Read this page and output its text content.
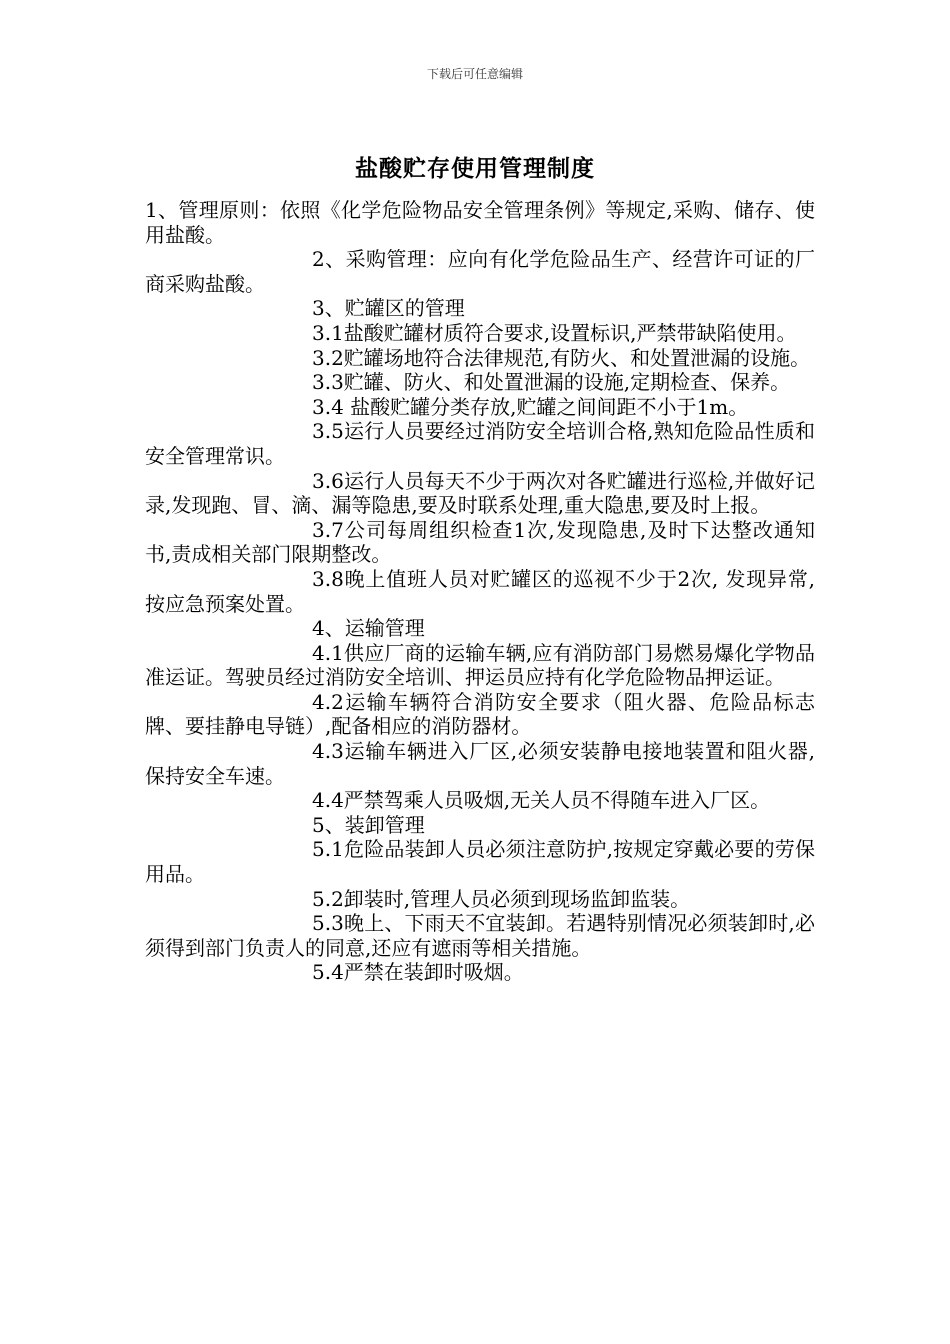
下载后可任意编辑
盐酸贮存使用管理制度

1、管理原则：依照《化学危险物品安全管理条例》等规定,采购、储存、使用盐酸。

2、采购管理：应向有化学危险品生产、经营许可证的厂商采购盐酸。

3、贮罐区的管理

3.1盐酸贮罐材质符合要求,设置标识,严禁带缺陷使用。

3.2贮罐场地符合法律规范,有防火、和处置泄漏的设施。

3.3贮罐、防火、和处置泄漏的设施,定期检查、保养。

3.4 盐酸贮罐分类存放,贮罐之间间距不小于1m。

3.5运行人员要经过消防安全培训合格,熟知危险品性质和安全管理常识。

3.6运行人员每天不少于两次对各贮罐进行巡检,并做好记录,发现跑、冒、滴、漏等隐患,要及时联系处理,重大隐患,要及时上报。

3.7公司每周组织检查1次,发现隐患,及时下达整改通知书,责成相关部门限期整改。

3.8晚上值班人员对贮罐区的巡视不少于2次, 发现异常,按应急预案处置。

4、运输管理

4.1供应厂商的运输车辆,应有消防部门易燃易爆化学物品准运证。驾驶员经过消防安全培训、押运员应持有化学危险物品押运证。

4.2运输车辆符合消防安全要求（阻火器、危险品标志牌、要挂静电导链）,配备相应的消防器材。

4.3运输车辆进入厂区,必须安装静电接地装置和阻火器,保持安全车速。

4.4严禁驾乘人员吸烟,无关人员不得随车进入厂区。

5、装卸管理

5.1危险品装卸人员必须注意防护,按规定穿戴必要的劳保用品。

5.2卸装时,管理人员必须到现场监卸监装。

5.3晚上、下雨天不宜装卸。若遇特别情况必须装卸时,必须得到部门负责人的同意,还应有遮雨等相关措施。

5.4严禁在装卸时吸烟。
